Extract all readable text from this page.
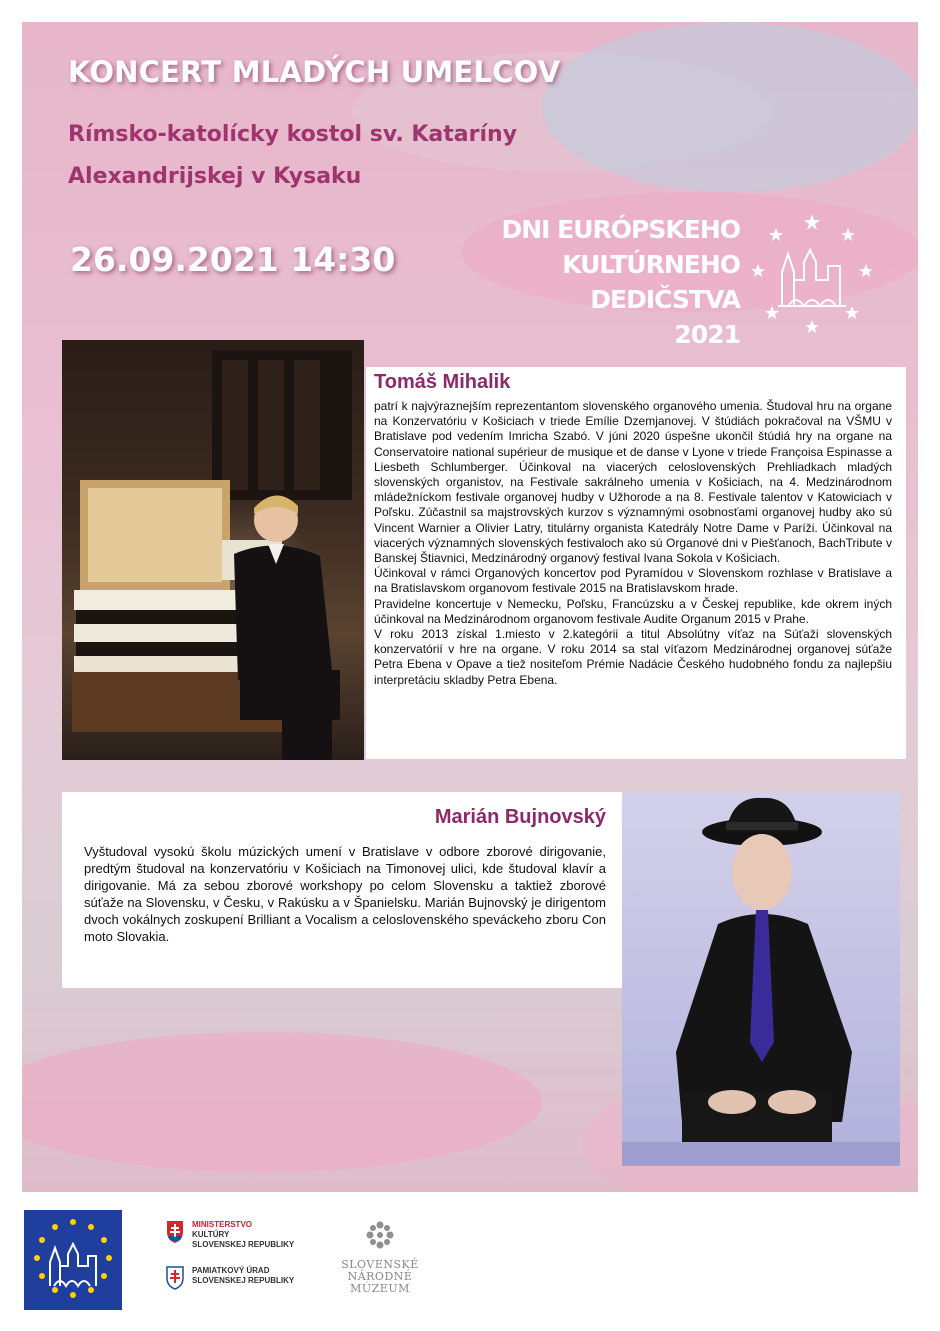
KONCERT MLADÝCH UMELCOV
Rímsko-katolícky kostol sv. Kataríny
Alexandrijskej v Kysaku
26.09.2021 14:30
DNI EURÓPSKEHO
KULTÚRNEHO
DEDIČSTVA
2021
Tomáš Mihalik

patrí k najvýraznejším reprezentantom slovenského organového umenia. Študoval hru na organe na Konzervatóriu v Košiciach v triede Emílie Dzemjanovej. V štúdiách pokračoval na VŠMU v Bratislave pod vedením Imricha Szabó. V júni 2020 úspešne ukončil štúdiá hry na organe na Conservatoire national supérieur de musique et de danse v Lyone v triede Françoisa Espinasse a Liesbeth Schlumberger. Účinkoval na viacerých celoslovenských Prehliadkach mladých slovenských organistov, na Festivale sakrálneho umenia v Košiciach, na 4. Medzinárodnom mládežníckom festivale organovej hudby v Užhorode a na 8. Festivale talentov v Katowiciach v Poľsku. Zúčastnil sa majstrovských kurzov s významnými osobnosťami organovej hudby ako sú Vincent Warnier a Olivier Latry, titulárny organista Katedrály Notre Dame v Paríži. Účinkoval na viacerých významných slovenských festivaloch ako sú Organové dni v Piešťanoch, BachTribute v Banskej Štiavnici, Medzinárodný organový festival Ivana Sokola v Košiciach.

Účinkoval v rámci Organových koncertov pod Pyramídou v Slovenskom rozhlase v Bratislave a na Bratislavskom organovom festivale 2015 na Bratislavskom hrade.

Pravidelne koncertuje v Nemecku, Poľsku, Francúzsku a v Českej republike, kde okrem iných účinkoval na Medzinárodnom organovom festivale Audite Organum 2015 v Prahe.

V roku 2013 získal 1.miesto v 2.kategórii a titul Absolútny víťaz na Súťaži slovenských konzervatórií v hre na organe. V roku 2014 sa stal víťazom Medzinárodnej organovej súťaže Petra Ebena v Opave a tiež nositeľom Prémie Nadácie Českého hudobného fondu za najlepšiu interpretáciu skladby Petra Ebena.

Marián Bujnovský
Vyštudoval vysokú školu múzických umení v Bratislave v odbore zborové dirigovanie, predtým študoval na konzervatóriu v Košiciach na Timonovej ulici, kde študoval klavír a dirigovanie. Má za sebou zborové workshopy po celom Slovensku a taktiež zborové súťaže na Slovensku, v Česku, v Rakúsku a v Španielsku. Marián Bujnovský je dirigentom dvoch vokálnych zoskupení Brilliant a Vocalism a celoslovenského speváckeho zboru Con moto Slovakia.
MINISTERSTVO
KULTÚRY
SLOVENSKEJ REPUBLIKY
PAMIATKOVÝ ÚRAD
SLOVENSKEJ REPUBLIKY
SLOVENSKÉ
NÁRODNÉ
MÚZEUM
